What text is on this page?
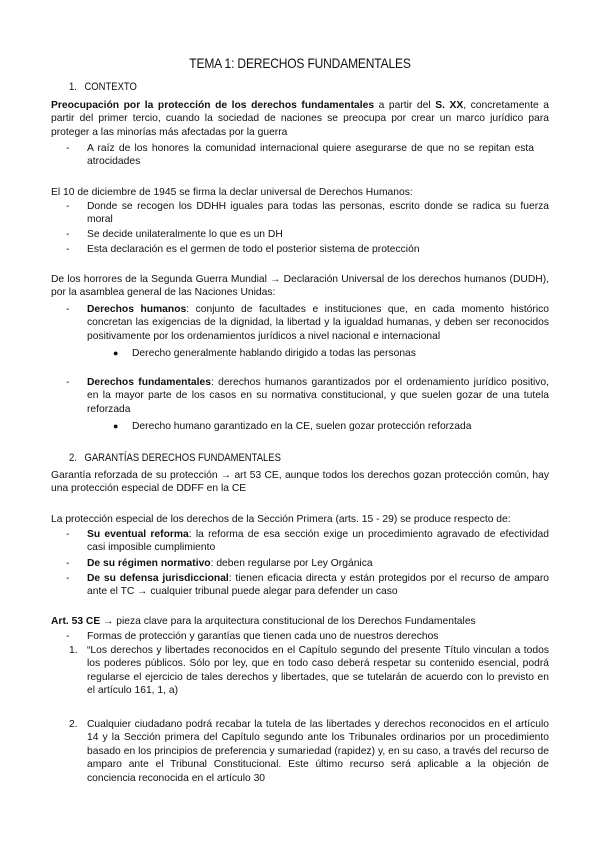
TEMA 1: DERECHOS FUNDAMENTALES
1. CONTEXTO
Preocupación por la protección de los derechos fundamentales a partir del S. XX, concretamente a partir del primer tercio, cuando la sociedad de naciones se preocupa por crear un marco jurídico para proteger a las minorías más afectadas por la guerra
- A raíz de los honores la comunidad internacional quiere asegurarse de que no se repitan esta atrocidades
El 10 de diciembre de 1945 se firma la declar universal de Derechos Humanos:
- Donde se recogen los DDHH iguales para todas las personas, escrito donde se radica su fuerza moral
- Se decide unilateralmente lo que es un DH
- Esta declaración es el germen de todo el posterior sistema de protección
De los horrores de la Segunda Guerra Mundial → Declaración Universal de los derechos humanos (DUDH), por la asamblea general de las Naciones Unidas:
- Derechos humanos: conjunto de facultades e instituciones que, en cada momento histórico concretan las exigencias de la dignidad, la libertad y la igualdad humanas, y deben ser reconocidos positivamente por los ordenamientos jurídicos a nivel nacional e internacional
● Derecho generalmente hablando dirigido a todas las personas
- Derechos fundamentales: derechos humanos garantizados por el ordenamiento jurídico positivo, en la mayor parte de los casos en su normativa constitucional, y que suelen gozar de una tutela reforzada
● Derecho humano garantizado en la CE, suelen gozar protección reforzada
2. GARANTÍAS DERECHOS FUNDAMENTALES
Garantía reforzada de su protección → art 53 CE, aunque todos los derechos gozan protección común, hay una protección especial de DDFF en la CE
La protección especial de los derechos de la Sección Primera (arts. 15 - 29) se produce respecto de:
- Su eventual reforma: la reforma de esa sección exige un procedimiento agravado de efectividad casi imposible cumplimiento
- De su régimen normativo: deben regularse por Ley Orgánica
- De su defensa jurisdiccional: tienen eficacia directa y están protegidos por el recurso de amparo ante el TC → cualquier tribunal puede alegar para defender un caso
Art. 53 CE → pieza clave para la arquitectura constitucional de los Derechos Fundamentales
- Formas de protección y garantías que tienen cada uno de nuestros derechos
1. “Los derechos y libertades reconocidos en el Capítulo segundo del presente Título vinculan a todos los poderes públicos. Sólo por ley, que en todo caso deberá respetar su contenido esencial, podrá regularse el ejercicio de tales derechos y libertades, que se tutelarán de acuerdo con lo previsto en el artículo 161, 1, a)
2. Cualquier ciudadano podrá recabar la tutela de las libertades y derechos reconocidos en el artículo 14 y la Sección primera del Capítulo segundo ante los Tribunales ordinarios por un procedimiento basado en los principios de preferencia y sumariedad (rapidez) y, en su caso, a través del recurso de amparo ante el Tribunal Constitucional. Este último recurso será aplicable a la objeción de conciencia reconocida en el artículo 30
